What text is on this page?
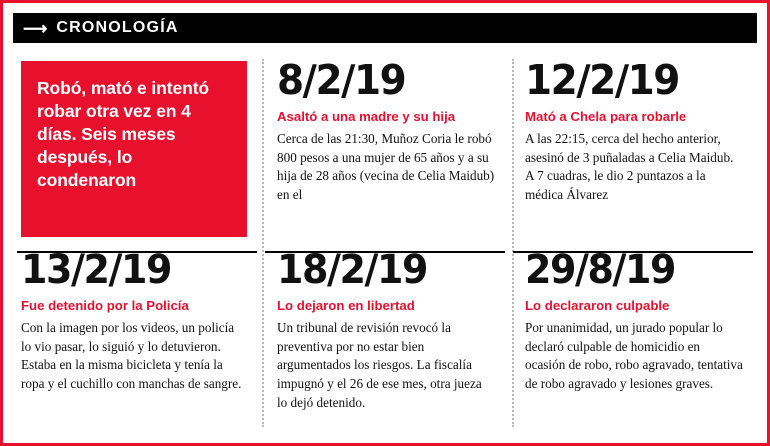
⟶ CRONOLOGÍA
Robó, mató e intentó robar otra vez en 4 días. Seis meses después, lo condenaron

8/2/19

Asaltó a una madre y su hija

Cerca de las 21:30, Muñoz Coria le robó 800 pesos a una mujer de 65 años y a su hija de 28 años (vecina de Celia Maidub) en el

12/2/19

Mató a Chela para robarle

A las 22:15, cerca del hecho anterior, asesinó de 3 puñaladas a Celia Maidub. A 7 cuadras, le dio 2 puntazos a la médica Álvarez

13/2/19

Fue detenido por la Policía

Con la imagen por los videos, un policía lo vio pasar, lo siguió y lo detuvieron. Estaba en la misma bicicleta y tenía la ropa y el cuchillo con manchas de sangre.

18/2/19

Lo dejaron en libertad

Un tribunal de revisión revocó la preventiva por no estar bien argumentados los riesgos. La fiscalía impugnó y el 26 de ese mes, otra jueza lo dejó detenido.

29/8/19

Lo declararon culpable

Por unanimidad, un jurado popular lo declaró culpable de homicidio en ocasión de robo, robo agravado, tentativa de robo agravado y lesiones graves.
